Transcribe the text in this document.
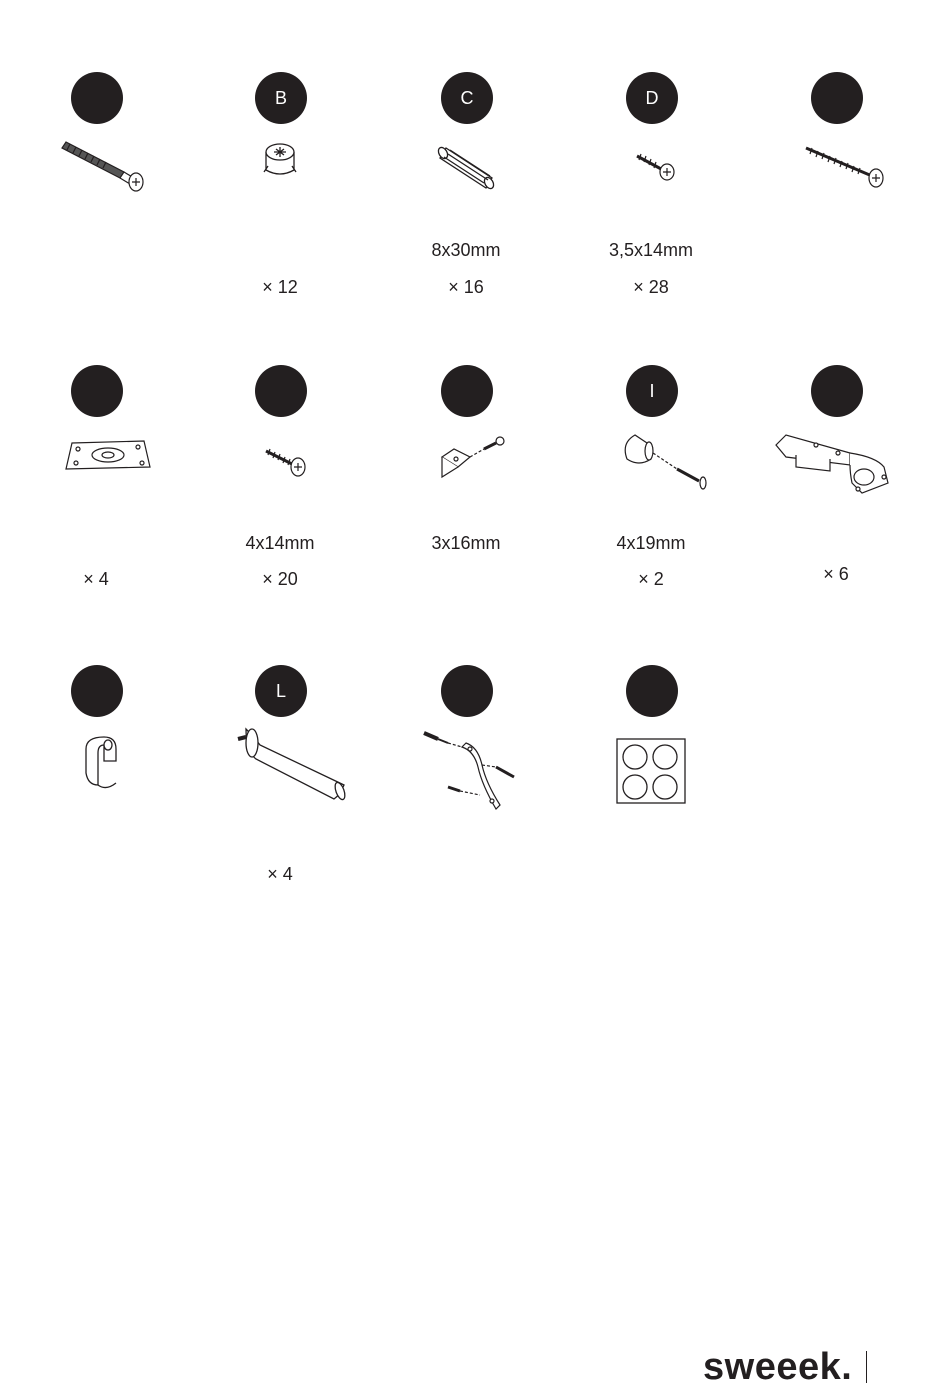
B
× 12
C
8x30mm
× 16
D
3,5x14mm
× 28
× 4
4x14mm
× 20
3x16mm
I
4x19mm
× 2	× 6
L
× 4
sweeek.
